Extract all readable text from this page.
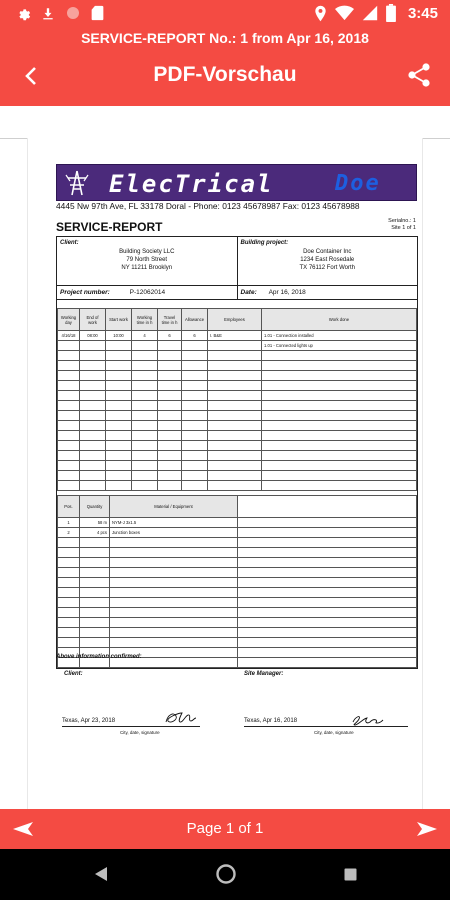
3:45
SERVICE-REPORT No.: 1 from Apr 16, 2018
PDF-Vorschau
ElecTrical	Doe
4445 Nw 97th Ave, FL 33178 Doral - Phone: 0123 45678987 Fax: 0123 45678988
SERVICE-REPORT	Serialno.: 1
Site 1 of 1
Client:
Building Society LLC
79 North Street
NY 11211 Brooklyn
Building project:
Doe Container Inc
1234 East Rosedale
TX 76112 Fort Worth
Project number:	P-12062014	Date: Apr 16, 2018
Working day	End of work	Start work	Working time in h	Travel time in h	Allowance	Employees	Work done
4/16/18	08:00	10:00	4	6	6	I. B&E	1.01 - Connection installed
							1.01 - Connected lights up

Pos.	Quantity	Material / Equipment	
1	58 m	NYM-J 3x1.5	
2	4 pcs	Junction boxes	

Above information confirmed:
Client:	Site Manager:
Texas, Apr 23, 2018
City, date, signature
Texas, Apr 16, 2018
City, date, signature
Page 1 of 1
